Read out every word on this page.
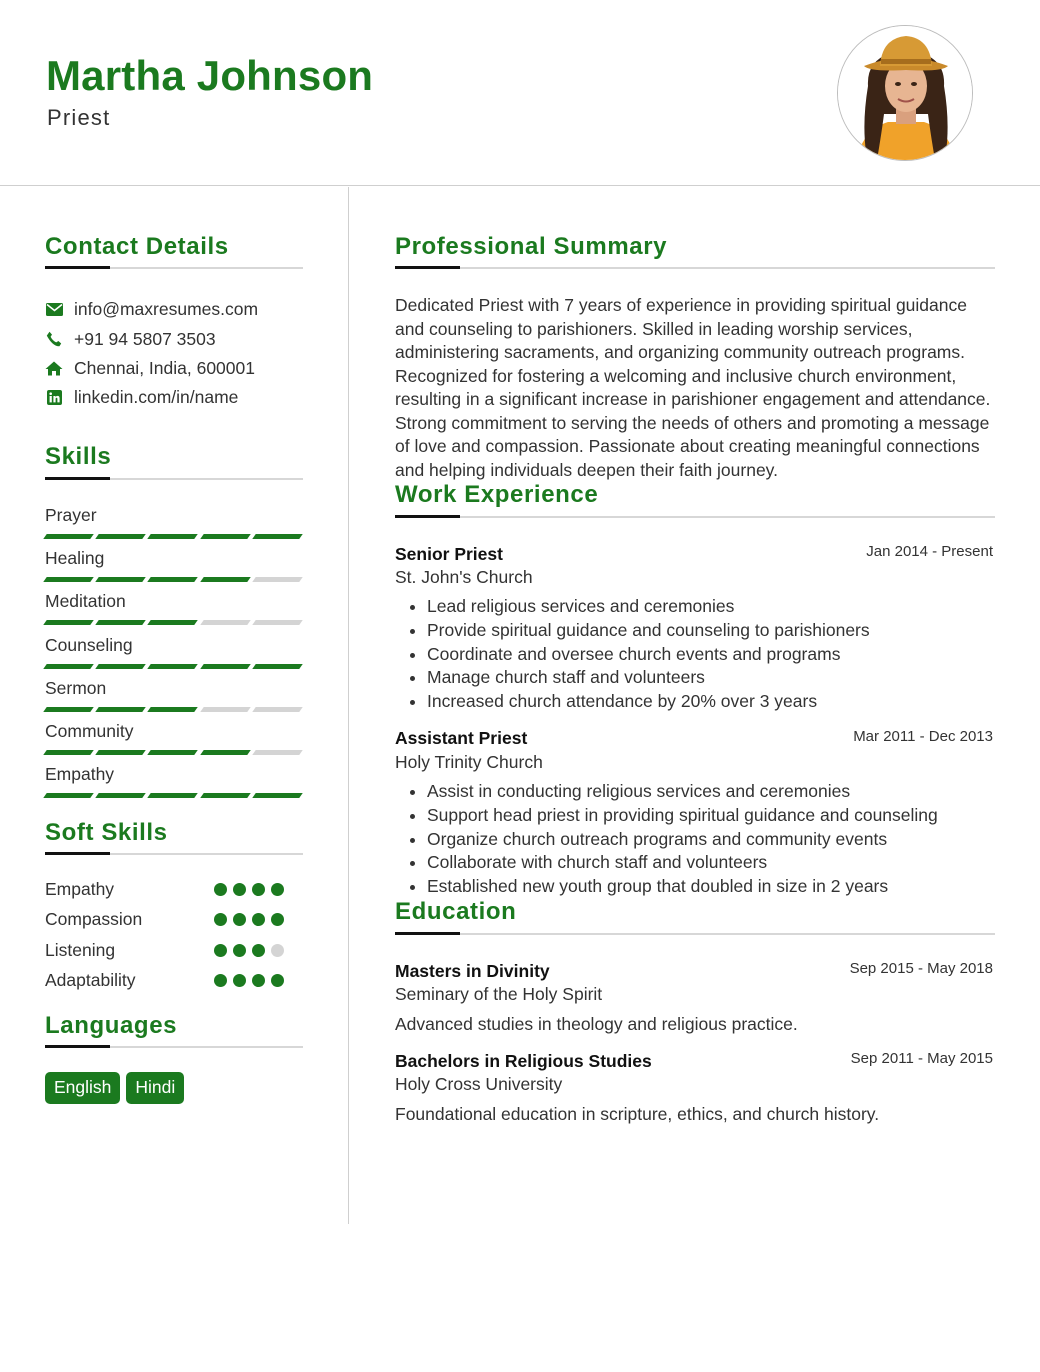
Martha Johnson
Priest
Contact Details
info@maxresumes.com
+91 94 5807 3503
Chennai, India, 600001
linkedin.com/in/name
Skills
Prayer
Healing
Meditation
Counseling
Sermon
Community
Empathy
Soft Skills
Empathy
Compassion
Listening
Adaptability
Languages
English	Hindi
Professional Summary
Dedicated Priest with 7 years of experience in providing spiritual guidance and counseling to parishioners. Skilled in leading worship services, administering sacraments, and organizing community outreach programs. Recognized for fostering a welcoming and inclusive church environment, resulting in a significant increase in parishioner engagement and attendance. Strong commitment to serving the needs of others and promoting a message of love and compassion. Passionate about creating meaningful connections and helping individuals deepen their faith journey.
Work Experience
Senior Priest	Jan 2014 - Present
St. John's Church
• Lead religious services and ceremonies
• Provide spiritual guidance and counseling to parishioners
• Coordinate and oversee church events and programs
• Manage church staff and volunteers
• Increased church attendance by 20% over 3 years
Assistant Priest	Mar 2011 - Dec 2013
Holy Trinity Church
• Assist in conducting religious services and ceremonies
• Support head priest in providing spiritual guidance and counseling
• Organize church outreach programs and community events
• Collaborate with church staff and volunteers
• Established new youth group that doubled in size in 2 years
Education
Masters in Divinity	Sep 2015 - May 2018
Seminary of the Holy Spirit
Advanced studies in theology and religious practice.
Bachelors in Religious Studies	Sep 2011 - May 2015
Holy Cross University
Foundational education in scripture, ethics, and church history.
